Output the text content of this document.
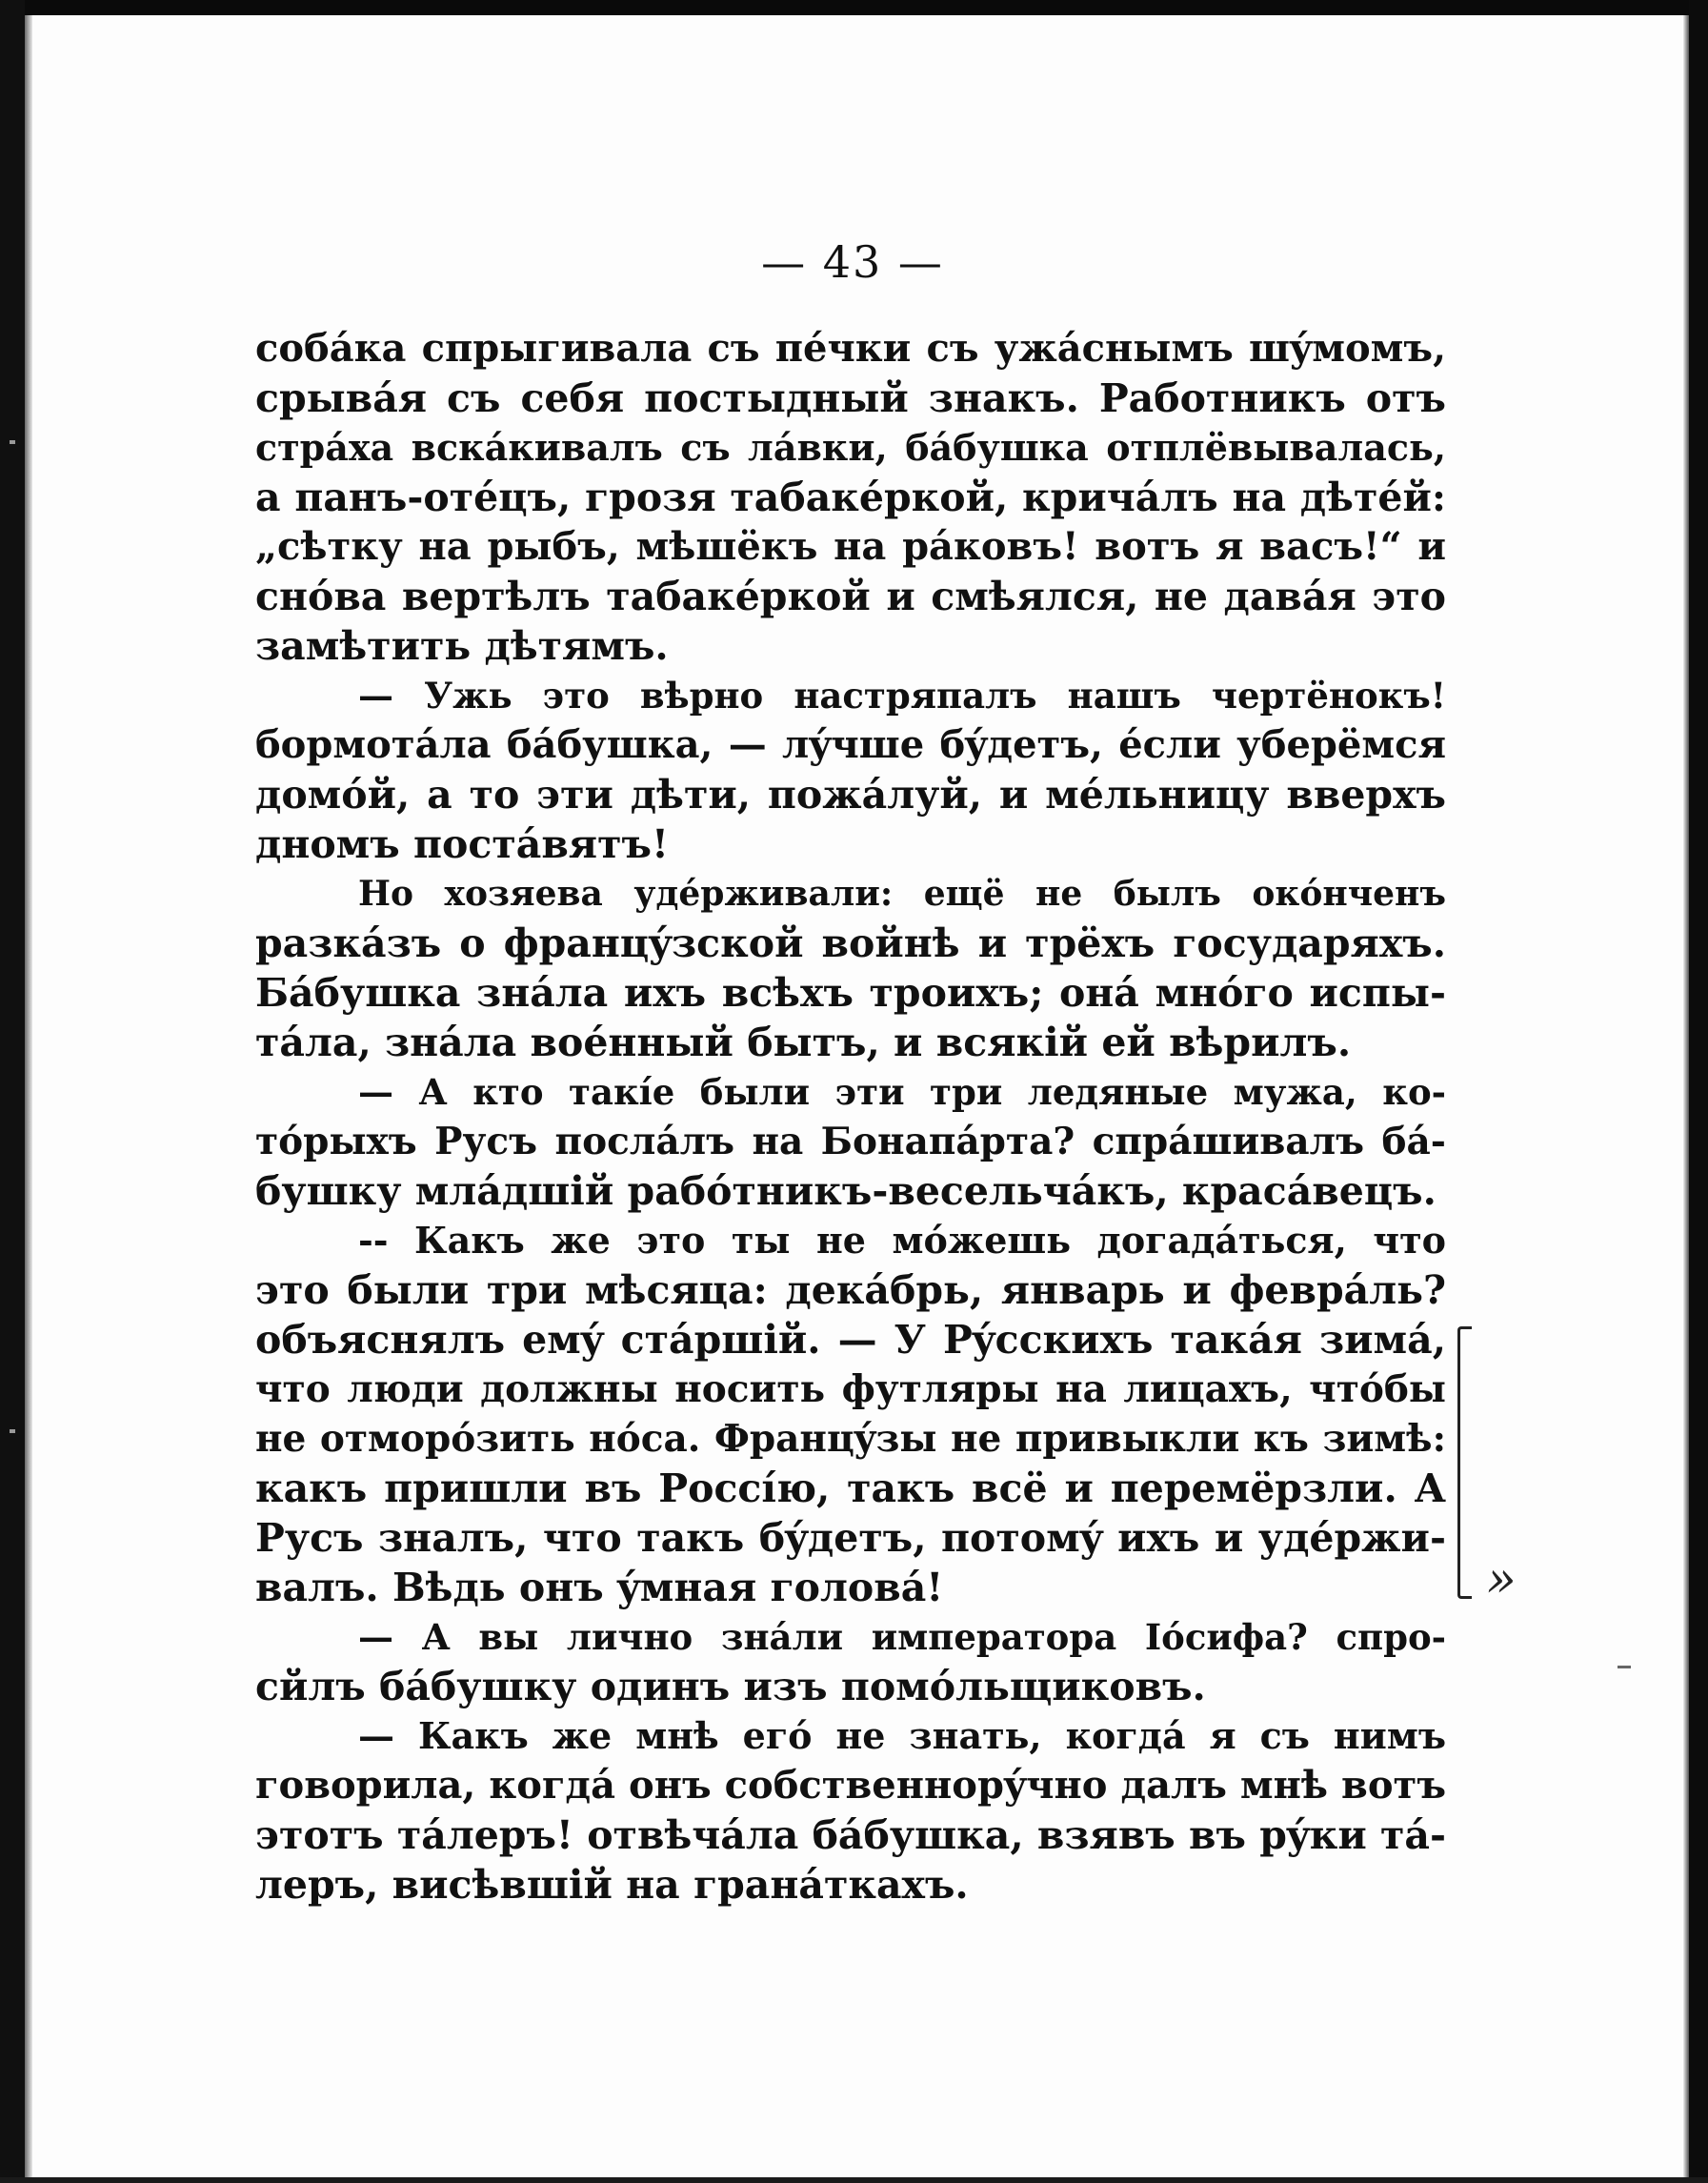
— 43 —
собáка спрыгивала съ пéчки съ ужáснымъ шýмомъ,
срывáя съ себя постыдный знакъ. Работникъ отъ
стрáха вскáкивалъ съ лáвки, бáбушка отплёвывалась,
а панъ-отéцъ, грозя табакéркой, кричáлъ на дѣтéй:
„сѣтку на рыбъ, мѣшёкъ на рáковъ! вотъ я васъ!“ и
снóва вертѣлъ табакéркой и смѣялся, не давáя это
замѣтить дѣтямъ.
— Ужь это вѣрно настряпалъ нашъ чертёнокъ!
бормотáла бáбушка, — лýчше бýдетъ, éсли уберёмся
домóй, а то эти дѣти, пожáлуй, и мéльницу вверхъ
дномъ постáвятъ!
Но хозяева удéрживали: ещё не былъ окóнченъ
разкáзъ о францýзской войнѣ и трёхъ государяхъ.
Бáбушка знáла ихъ всѣхъ троихъ; онá мнóго испы-
тáла, знáла воéнный бытъ, и всякій ей вѣрилъ.
— А кто такíе были эти три ледяные мужа, ко-
тóрыхъ Русъ послáлъ на Бонапáрта? спрáшивалъ бá-
бушку млáдшій рабóтникъ-весельчáкъ, красáвецъ.
-- Какъ же это ты не мóжешь догадáться, что
это были три мѣсяца: декáбрь, январь и феврáль?
объяснялъ емý стáршій. — У Рýсскихъ такáя зимá,
что люди должны носить футляры на лицахъ, чтóбы
не отморóзить нóса. Францýзы не привыкли къ зимѣ:
какъ пришли въ Россíю, такъ всё и перемёрзли. А
Русъ зналъ, что такъ бýдетъ, потомý ихъ и удéржи-
валъ. Вѣдь онъ ýмная головá!
— А вы лично знáли императора Іóсифа? спро-
сйлъ бáбушку одинъ изъ помóльщиковъ.
— Какъ же мнѣ егó не знать, когдá я съ нимъ
говорила, когдá онъ собственнорýчно далъ мнѣ вотъ
этотъ тáлеръ! отвѣчáла бáбушка, взявъ въ рýки тá-
леръ, висѣвшій на гранáткахъ.
»
